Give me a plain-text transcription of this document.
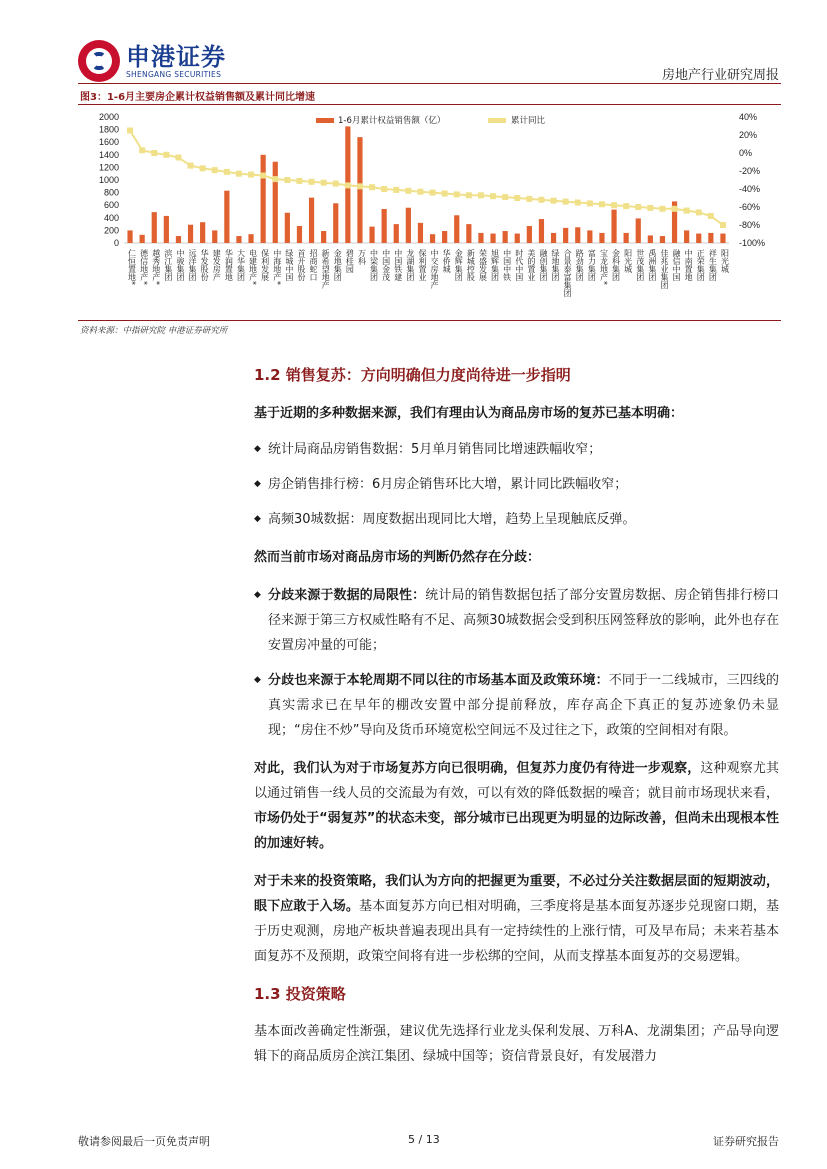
申港证券
SHENGANG SECURITIES	房地产行业研究周报
图3：1-6月主要房企累计权益销售额及累计同比增速
2000
1800
1600
1400
1200
1000
800
600
400
200
0
40%
20%
0%
-20%
-40%
-60%
-80%
-100%
仁恒置地* 德信地产* 越秀地产* 滨江集团 中骏集团 远洋集团 华发股份 建发房产 华润置地 大华集团 电建地产* 保利发展 中海地产* 绿城中国 首开股份 招商蛇口 新希望地产 金地集团 碧桂园 万科 中梁集团 中国金茂 中国铁建 龙湖集团 保利置业 中交房地产 华侨城 金辉集团 新城控股 荣盛发展 旭辉集团 中国中铁 时代中国 美的置业 融创集团 绿地集团 合景泰富集团 路劲集团 富力集团 宝龙地产* 金科集团 阳光城 世茂集团 禹洲集团 佳兆业集团 融信中国 中南置地 正荣集团 祥生集团 阳光城
1-6月累计权益销售额（亿）	累计同比
资料来源：中指研究院 申港证券研究所
1.2 销售复苏：方向明确但力度尚待进一步指明

基于近期的多种数据来源，我们有理由认为商品房市场的复苏已基本明确：

◆ 统计局商品房销售数据：5月单月销售同比增速跌幅收窄；

◆ 房企销售排行榜：6月房企销售环比大增，累计同比跌幅收窄；

◆ 高频30城数据：周度数据出现同比大增，趋势上呈现触底反弹。

然而当前市场对商品房市场的判断仍然存在分歧：

◆ 分歧来源于数据的局限性：统计局的销售数据包括了部分安置房数据、房企销售排行榜口径来源于第三方权威性略有不足、高频30城数据会受到积压网签释放的影响，此外也存在安置房冲量的可能；

◆ 分歧也来源于本轮周期不同以往的市场基本面及政策环境：不同于一二线城市，三四线的真实需求已在早年的棚改安置中部分提前释放，库存高企下真正的复苏迹象仍未显现；“房住不炒”导向及货币环境宽松空间远不及过往之下，政策的空间相对有限。

对此，我们认为对于市场复苏方向已很明确，但复苏力度仍有待进一步观察，这种观察尤其以通过销售一线人员的交流最为有效，可以有效的降低数据的噪音；就目前市场现状来看，市场仍处于“弱复苏”的状态未变，部分城市已出现更为明显的边际改善，但尚未出现根本性的加速好转。

对于未来的投资策略，我们认为方向的把握更为重要，不必过分关注数据层面的短期波动，眼下应敢于入场。基本面复苏方向已相对明确，三季度将是基本面复苏逐步兑现窗口期，基于历史观测，房地产板块普遍表现出具有一定持续性的上涨行情，可及早布局；未来若基本面复苏不及预期，政策空间将有进一步松绑的空间，从而支撑基本面复苏的交易逻辑。

1.3 投资策略

基本面改善确定性渐强，建议优先选择行业龙头保利发展、万科A、龙湖集团；产品导向逻辑下的商品质房企滨江集团、绿城中国等；资信背景良好，有发展潜力

敬请参阅最后一页免责声明	5 / 13	证券研究报告
